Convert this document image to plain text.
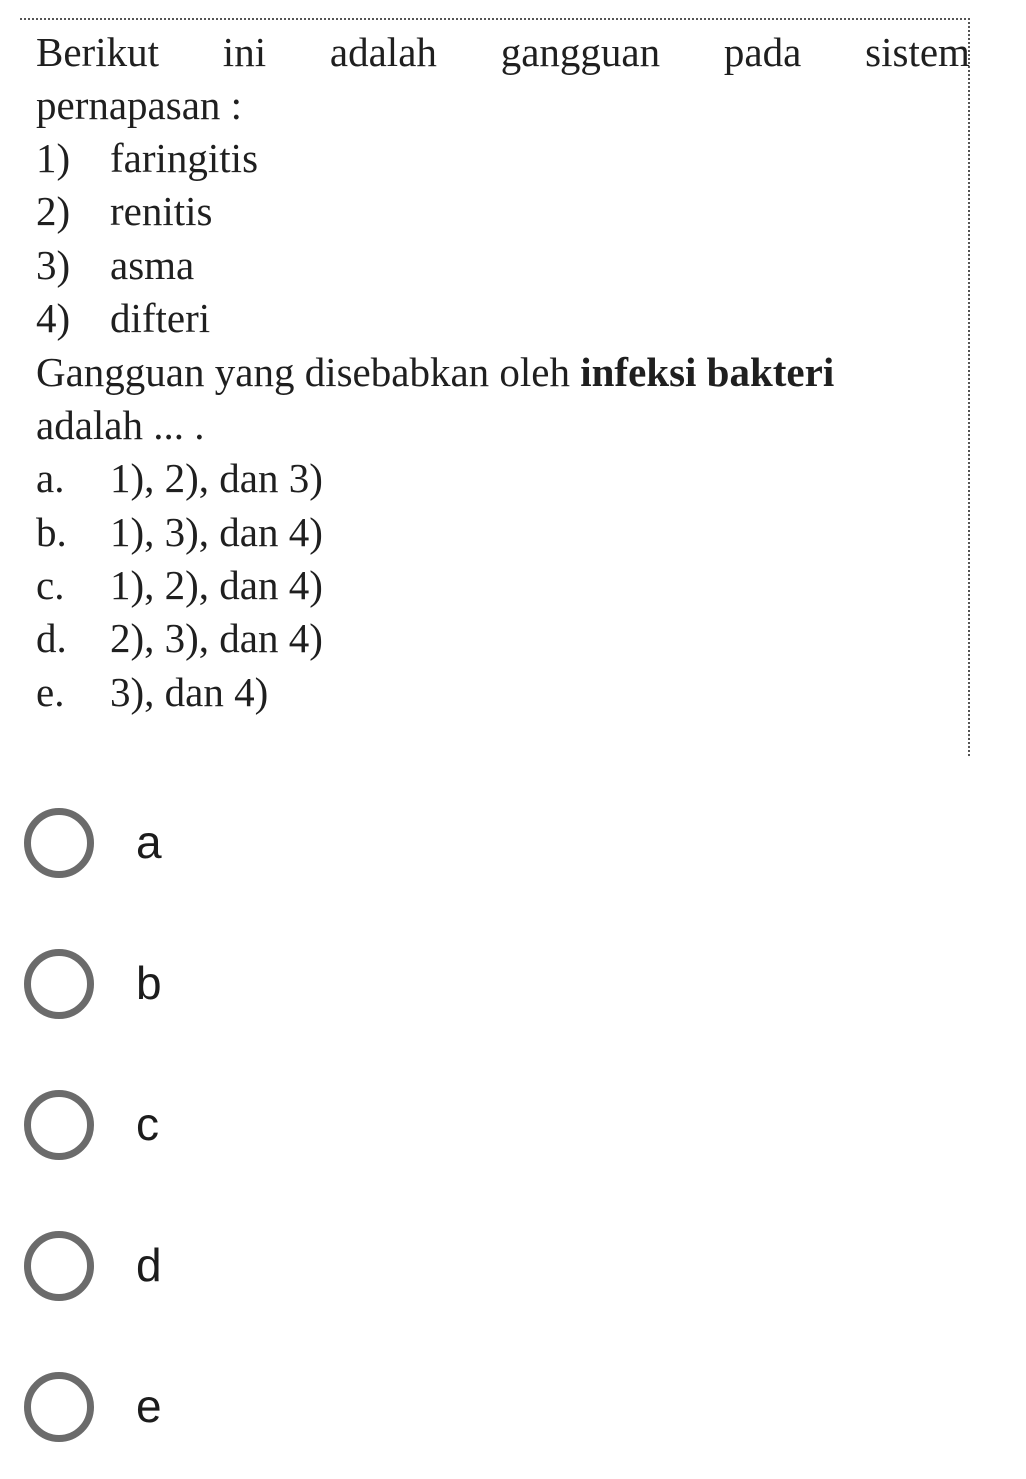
Berikut ini adalah gangguan pada sistem
pernapasan :
1) faringitis
2) renitis
3) asma
4) difteri
Gangguan yang disebabkan oleh infeksi bakteri
adalah ... .
a.	1), 2), dan 3)
b.	1), 3), dan 4)
c.	1), 2), dan 4)
d.	2), 3), dan 4)
e.	3), dan 4)
a
b
c
d
e
